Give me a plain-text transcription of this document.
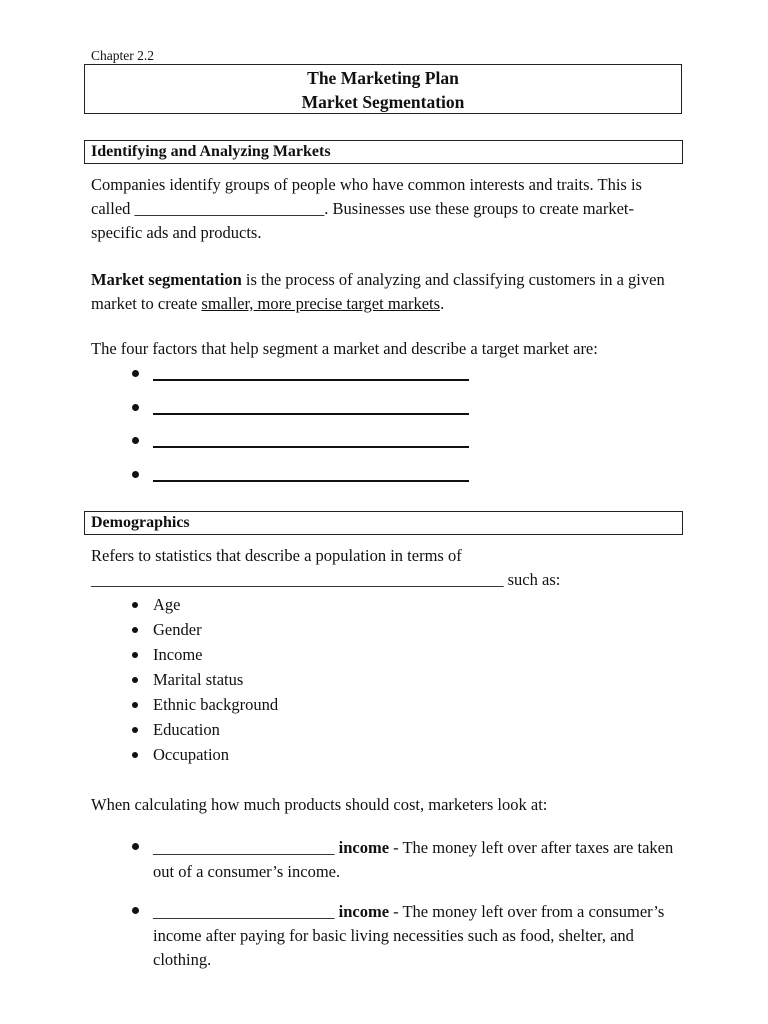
Chapter 2.2
The Marketing Plan
Market Segmentation
Identifying and Analyzing Markets

Companies identify groups of people who have common interests and traits. This is called _______________________. Businesses use these groups to create market-specific ads and products.

Market segmentation is the process of analyzing and classifying customers in a given market to create smaller, more precise target markets.

The four factors that help segment a market and describe a target market are:
Demographics

Refers to statistics that describe a population in terms of

__________________________________________________ such as:

Age
Gender
Income
Marital status
Ethnic background
Education
Occupation
When calculating how much products should cost, marketers look at:
______________________ income - The money left over after taxes are taken out of a consumer’s income.
______________________ income - The money left over from a consumer’s income after paying for basic living necessities such as food, shelter, and clothing.
